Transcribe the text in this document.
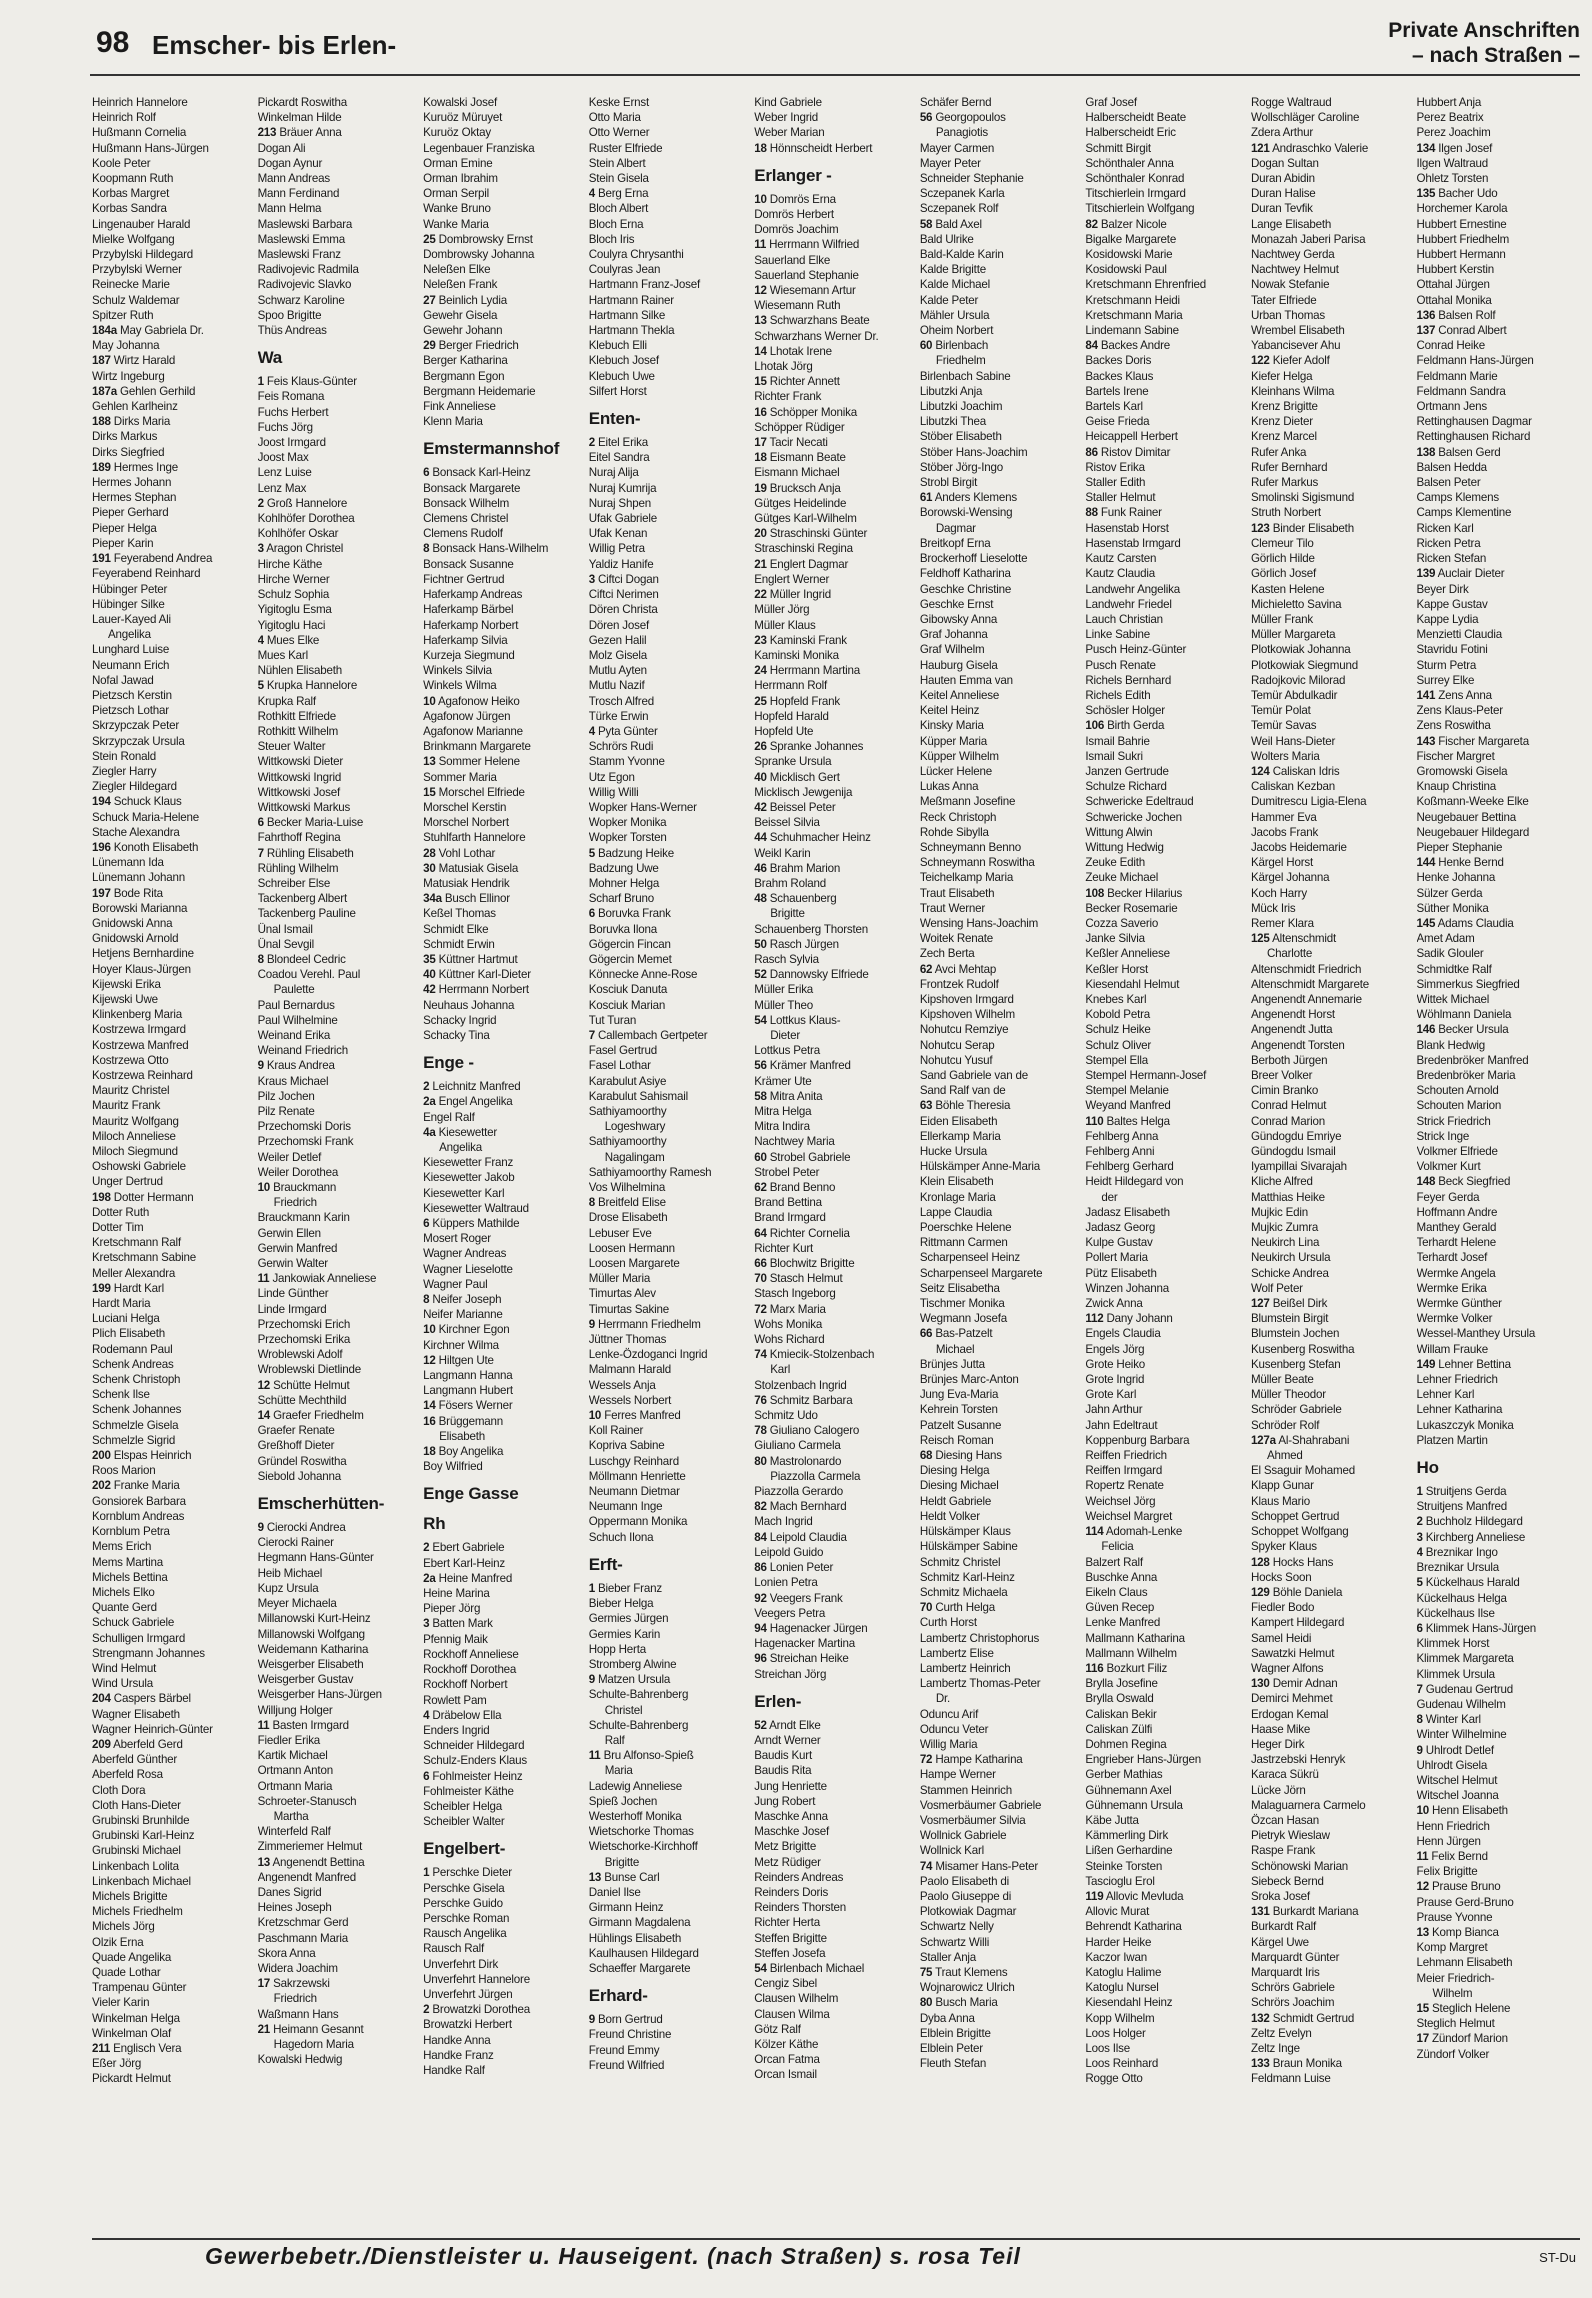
98 Emscher- bis Erlen-	Private Anschriften
– nach Straßen –
Heinrich Hannelore
Heinrich Rolf
Hußmann Cornelia
Hußmann Hans-Jürgen
Koole Peter
Koopmann Ruth
Korbas Margret
Korbas Sandra
Lingenauber Harald
Mielke Wolfgang
Przybylski Hildegard
Przybylski Werner
Reinecke Marie
Schulz Waldemar
Spitzer Ruth
184a May Gabriela Dr.
May Johanna
187 Wirtz Harald
Wirtz Ingeburg
187a Gehlen Gerhild
Gehlen Karlheinz
188 Dirks Maria
Dirks Markus
Dirks Siegfried
189 Hermes Inge
Hermes Johann
Hermes Stephan
Pieper Gerhard
Pieper Helga
Pieper Karin
191 Feyerabend Andrea
Feyerabend Reinhard
Hübinger Peter
Hübinger Silke
Lauer-Kayed Ali
Angelika
Lunghard Luise
Neumann Erich
Nofal Jawad
Pietzsch Kerstin
Pietzsch Lothar
Skrzypczak Peter
Skrzypczak Ursula
Stein Ronald
Ziegler Harry
Ziegler Hildegard
194 Schuck Klaus
Schuck Maria-Helene
Stache Alexandra
196 Konoth Elisabeth
Lünemann Ida
Lünemann Johann
197 Bode Rita
Borowski Marianna
Gnidowski Anna
Gnidowski Arnold
Hetjens Bernhardine
Hoyer Klaus-Jürgen
Kijewski Erika
Kijewski Uwe
Klinkenberg Maria
Kostrzewa Irmgard
Kostrzewa Manfred
Kostrzewa Otto
Kostrzewa Reinhard
Mauritz Christel
Mauritz Frank
Mauritz Wolfgang
Miloch Anneliese
Miloch Siegmund
Oshowski Gabriele
Unger Dertrud
198 Dotter Hermann
Dotter Ruth
Dotter Tim
Kretschmann Ralf
Kretschmann Sabine
Meller Alexandra
199 Hardt Karl
Hardt Maria
Luciani Helga
Plich Elisabeth
Rodemann Paul
Schenk Andreas
Schenk Christoph
Schenk Ilse
Schenk Johannes
Schmelzle Gisela
Schmelzle Sigrid
200 Elspas Heinrich
Roos Marion
202 Franke Maria
Gonsiorek Barbara
Kornblum Andreas
Kornblum Petra
Mems Erich
Mems Martina
Michels Bettina
Michels Elko
Quante Gerd
Schuck Gabriele
Schulligen Irmgard
Strengmann Johannes
Wind Helmut
Wind Ursula
204 Caspers Bärbel
Wagner Elisabeth
Wagner Heinrich-Günter
209 Aberfeld Gerd
Aberfeld Günther
Aberfeld Rosa
Cloth Dora
Cloth Hans-Dieter
Grubinski Brunhilde
Grubinski Karl-Heinz
Grubinski Michael
Linkenbach Lolita
Linkenbach Michael
Michels Brigitte
Michels Friedhelm
Michels Jörg
Olzik Erna
Quade Angelika
Quade Lothar
Trampenau Günter
Vieler Karin
Winkelman Helga
Winkelman Olaf
211 Englisch Vera
Eßer Jörg
Pickardt Helmut
Pickardt Roswitha
Winkelman Hilde
213 Bräuer Anna
Dogan Ali
Dogan Aynur
Mann Andreas
Mann Ferdinand
Mann Helma
Maslewski Barbara
Maslewski Emma
Maslewski Franz
Radivojevic Radmila
Radivojevic Slavko
Schwarz Karoline
Spoo Brigitte
Thüs Andreas
Wa
1 Feis Klaus-Günter
Feis Romana
Fuchs Herbert
Fuchs Jörg
Joost Irmgard
Joost Max
Lenz Luise
Lenz Max
2 Groß Hannelore
Kohlhöfer Dorothea
Kohlhöfer Oskar
3 Aragon Christel
Hirche Käthe
Hirche Werner
Schulz Sophia
Yigitoglu Esma
Yigitoglu Haci
4 Mues Elke
Mues Karl
Nühlen Elisabeth
5 Krupka Hannelore
Krupka Ralf
Rothkitt Elfriede
Rothkitt Wilhelm
Steuer Walter
Wittkowski Dieter
Wittkowski Ingrid
Wittkowski Josef
Wittkowski Markus
6 Becker Maria-Luise
Fahrthoff Regina
7 Rühling Elisabeth
Rühling Wilhelm
Schreiber Else
Tackenberg Albert
Tackenberg Pauline
Ünal Ismail
Ünal Sevgil
8 Blondeel Cedric
Coadou Verehl. Paul
Paulette
Paul Bernardus
Paul Wilhelmine
Weinand Erika
Weinand Friedrich
9 Kraus Andrea
Kraus Michael
Pilz Jochen
Pilz Renate
Przechomski Doris
Przechomski Frank
Weiler Detlef
Weiler Dorothea
10 Brauckmann
Friedrich
Brauckmann Karin
Gerwin Ellen
Gerwin Manfred
Gerwin Walter
11 Jankowiak Anneliese
Linde Günther
Linde Irmgard
Przechomski Erich
Przechomski Erika
Wroblewski Adolf
Wroblewski Dietlinde
12 Schütte Helmut
Schütte Mechthild
14 Graefer Friedhelm
Graefer Renate
Greßhoff Dieter
Gründel Roswitha
Siebold Johanna
Emscherhütten-
9 Cierocki Andrea
Cierocki Rainer
Hegmann Hans-Günter
Heib Michael
Kupz Ursula
Meyer Michaela
Millanowski Kurt-Heinz
Millanowski Wolfgang
Weidemann Katharina
Weisgerber Elisabeth
Weisgerber Gustav
Weisgerber Hans-Jürgen
Willjung Holger
11 Basten Irmgard
Fiedler Erika
Kartik Michael
Ortmann Anton
Ortmann Maria
Schroeter-Stanusch
Martha
Winterfeld Ralf
Zimmeriemer Helmut
13 Angenendt Bettina
Angenendt Manfred
Danes Sigrid
Heines Joseph
Kretzschmar Gerd
Paschmann Maria
Skora Anna
Widera Joachim
17 Sakrzewski
Friedrich
Waßmann Hans
21 Heimann Gesannt
Hagedorn Maria
Kowalski Hedwig
Kowalski Josef
Kuruöz Müruyet
Kuruöz Oktay
Legenbauer Franziska
Orman Emine
Orman Ibrahim
Orman Serpil
Wanke Bruno
Wanke Maria
25 Dombrowsky Ernst
Dombrowsky Johanna
Neleßen Elke
Neleßen Frank
27 Beinlich Lydia
Gewehr Gisela
Gewehr Johann
29 Berger Friedrich
Berger Katharina
Bergmann Egon
Bergmann Heidemarie
Fink Anneliese
Klenn Maria
Emstermannshof
6 Bonsack Karl-Heinz
Bonsack Margarete
Bonsack Wilhelm
Clemens Christel
Clemens Rudolf
8 Bonsack Hans-Wilhelm
Bonsack Susanne
Fichtner Gertrud
Haferkamp Andreas
Haferkamp Bärbel
Haferkamp Norbert
Haferkamp Silvia
Kurzeja Siegmund
Winkels Silvia
Winkels Wilma
10 Agafonow Heiko
Agafonow Jürgen
Agafonow Marianne
Brinkmann Margarete
13 Sommer Helene
Sommer Maria
15 Morschel Elfriede
Morschel Kerstin
Morschel Norbert
Stuhlfarth Hannelore
28 Vohl Lothar
30 Matusiak Gisela
Matusiak Hendrik
34a Busch Ellinor
Keßel Thomas
Schmidt Elke
Schmidt Erwin
35 Küttner Hartmut
40 Küttner Karl-Dieter
42 Herrmann Norbert
Neuhaus Johanna
Schacky Ingrid
Schacky Tina
Enge -
2 Leichnitz Manfred
2a Engel Angelika
Engel Ralf
4a Kiesewetter
Angelika
Kiesewetter Franz
Kiesewetter Jakob
Kiesewetter Karl
Kiesewetter Waltraud
6 Küppers Mathilde
Mosert Roger
Wagner Andreas
Wagner Lieselotte
Wagner Paul
8 Neifer Joseph
Neifer Marianne
10 Kirchner Egon
Kirchner Wilma
12 Hiltgen Ute
Langmann Hanna
Langmann Hubert
14 Fösers Werner
16 Brüggemann
Elisabeth
18 Boy Angelika
Boy Wilfried
Enge Gasse
Rh
2 Ebert Gabriele
Ebert Karl-Heinz
2a Heine Manfred
Heine Marina
Pieper Jörg
3 Batten Mark
Pfennig Maik
Rockhoff Anneliese
Rockhoff Dorothea
Rockhoff Norbert
Rowlett Pam
4 Dräbelow Ella
Enders Ingrid
Schneider Hildegard
Schulz-Enders Klaus
6 Fohlmeister Heinz
Fohlmeister Käthe
Scheibler Helga
Scheibler Walter
Engelbert-
1 Perschke Dieter
Perschke Gisela
Perschke Guido
Perschke Roman
Rausch Angelika
Rausch Ralf
Unverfehrt Dirk
Unverfehrt Hannelore
Unverfehrt Jürgen
2 Browatzki Dorothea
Browatzki Herbert
Handke Anna
Handke Franz
Handke Ralf
Keske Ernst
Otto Maria
Otto Werner
Ruster Elfriede
Stein Albert
Stein Gisela
4 Berg Erna
Bloch Albert
Bloch Erna
Bloch Iris
Coulyra Chrysanthi
Coulyras Jean
Hartmann Franz-Josef
Hartmann Rainer
Hartmann Silke
Hartmann Thekla
Klebuch Elli
Klebuch Josef
Klebuch Uwe
Silfert Horst
Enten-
2 Eitel Erika
Eitel Sandra
Nuraj Alija
Nuraj Kumrija
Nuraj Shpen
Ufak Gabriele
Ufak Kenan
Willig Petra
Yaldiz Hanife
3 Ciftci Dogan
Ciftci Nerimen
Dören Christa
Dören Josef
Gezen Halil
Molz Gisela
Mutlu Ayten
Mutlu Nazif
Trosch Alfred
Türke Erwin
4 Pyta Günter
Schrörs Rudi
Stamm Yvonne
Utz Egon
Willig Willi
Wopker Hans-Werner
Wopker Monika
Wopker Torsten
5 Badzung Heike
Badzung Uwe
Mohner Helga
Scharf Bruno
6 Boruvka Frank
Boruvka Ilona
Gögercin Fincan
Gögercin Memet
Könnecke Anne-Rose
Kosciuk Danuta
Kosciuk Marian
Tut Turan
7 Callembach Gertpeter
Fasel Gertrud
Fasel Lothar
Karabulut Asiye
Karabulut Sahismail
Sathiyamoorthy
Logeshwary
Sathiyamoorthy
Nagalingam
Sathiyamoorthy Ramesh
Vos Wilhelmina
8 Breitfeld Elise
Drose Elisabeth
Lebuser Eve
Loosen Hermann
Loosen Margarete
Müller Maria
Timurtas Alev
Timurtas Sakine
9 Herrmann Friedhelm
Jüttner Thomas
Lenke-Özdoganci Ingrid
Malmann Harald
Wessels Anja
Wessels Norbert
10 Ferres Manfred
Koll Rainer
Kopriva Sabine
Luschgy Reinhard
Möllmann Henriette
Neumann Dietmar
Neumann Inge
Oppermann Monika
Schuch Ilona
Erft-
1 Bieber Franz
Bieber Helga
Germies Jürgen
Germies Karin
Hopp Herta
Stromberg Alwine
9 Matzen Ursula
Schulte-Bahrenberg
Christel
Schulte-Bahrenberg
Ralf
11 Bru Alfonso-Spieß
Maria
Ladewig Anneliese
Spieß Jochen
Westerhoff Monika
Wietschorke Thomas
Wietschorke-Kirchhoff
Brigitte
13 Bunse Carl
Daniel Ilse
Girmann Heinz
Girmann Magdalena
Hühlings Elisabeth
Kaulhausen Hildegard
Schaeffer Margarete
Erhard-
9 Born Gertrud
Freund Christine
Freund Emmy
Freund Wilfried
Kind Gabriele
Weber Ingrid
Weber Marian
18 Hönnscheidt Herbert
Erlanger -
10 Domrös Erna
Domrös Herbert
Domrös Joachim
11 Herrmann Wilfried
Sauerland Elke
Sauerland Stephanie
12 Wiesemann Artur
Wiesemann Ruth
13 Schwarzhans Beate
Schwarzhans Werner Dr.
14 Lhotak Irene
Lhotak Jörg
15 Richter Annett
Richter Frank
16 Schöpper Monika
Schöpper Rüdiger
17 Tacir Necati
18 Eismann Beate
Eismann Michael
19 Brucksch Anja
Gütges Heidelinde
Gütges Karl-Wilhelm
20 Straschinski Günter
Straschinski Regina
21 Englert Dagmar
Englert Werner
22 Müller Ingrid
Müller Jörg
Müller Klaus
23 Kaminski Frank
Kaminski Monika
24 Herrmann Martina
Herrmann Rolf
25 Hopfeld Frank
Hopfeld Harald
Hopfeld Ute
26 Spranke Johannes
Spranke Ursula
40 Micklisch Gert
Micklisch Jewgenija
42 Beissel Peter
Beissel Silvia
44 Schuhmacher Heinz
Weikl Karin
46 Brahm Marion
Brahm Roland
48 Schauenberg
Brigitte
Schauenberg Thorsten
50 Rasch Jürgen
Rasch Sylvia
52 Dannowsky Elfriede
Müller Erika
Müller Theo
54 Lottkus Klaus-
Dieter
Lottkus Petra
56 Krämer Manfred
Krämer Ute
58 Mitra Anita
Mitra Helga
Mitra Indira
Nachtwey Maria
60 Strobel Gabriele
Strobel Peter
62 Brand Benno
Brand Bettina
Brand Irmgard
64 Richter Cornelia
Richter Kurt
66 Blochwitz Brigitte
70 Stasch Helmut
Stasch Ingeborg
72 Marx Maria
Wohs Monika
Wohs Richard
74 Kmiecik-Stolzenbach
Karl
Stolzenbach Ingrid
76 Schmitz Barbara
Schmitz Udo
78 Giuliano Calogero
Giuliano Carmela
80 Mastrolonardo
Piazzolla Carmela
Piazzolla Gerardo
82 Mach Bernhard
Mach Ingrid
84 Leipold Claudia
Leipold Guido
86 Lonien Peter
Lonien Petra
92 Veegers Frank
Veegers Petra
94 Hagenacker Jürgen
Hagenacker Martina
96 Streichan Heike
Streichan Jörg
Erlen-
52 Arndt Elke
Arndt Werner
Baudis Kurt
Baudis Rita
Jung Henriette
Jung Robert
Maschke Anna
Maschke Josef
Metz Brigitte
Metz Rüdiger
Reinders Andreas
Reinders Doris
Reinders Thorsten
Richter Herta
Steffen Brigitte
Steffen Josefa
54 Birlenbach Michael
Cengiz Sibel
Clausen Wilhelm
Clausen Wilma
Götz Ralf
Kölzer Käthe
Orcan Fatma
Orcan Ismail
Schäfer Bernd
56 Georgopoulos
Panagiotis
Mayer Carmen
Mayer Peter
Schneider Stephanie
Sczepanek Karla
Sczepanek Rolf
58 Bald Axel
Bald Ulrike
Bald-Kalde Karin
Kalde Brigitte
Kalde Michael
Kalde Peter
Mähler Ursula
Oheim Norbert
60 Birlenbach
Friedhelm
Birlenbach Sabine
Libutzki Anja
Libutzki Joachim
Libutzki Thea
Stöber Elisabeth
Stöber Hans-Joachim
Stöber Jörg-Ingo
Strobl Birgit
61 Anders Klemens
Borowski-Wensing
Dagmar
Breitkopf Erna
Brockerhoff Lieselotte
Feldhoff Katharina
Geschke Christine
Geschke Ernst
Gibowsky Anna
Graf Johanna
Graf Wilhelm
Hauburg Gisela
Hauten Emma van
Keitel Anneliese
Keitel Heinz
Kinsky Maria
Küpper Maria
Küpper Wilhelm
Lücker Helene
Lukas Anna
Meßmann Josefine
Reck Christoph
Rohde Sibylla
Schneymann Benno
Schneymann Roswitha
Teichelkamp Maria
Traut Elisabeth
Traut Werner
Wensing Hans-Joachim
Woitek Renate
Zech Berta
62 Avci Mehtap
Frontzek Rudolf
Kipshoven Irmgard
Kipshoven Wilhelm
Nohutcu Remziye
Nohutcu Serap
Nohutcu Yusuf
Sand Gabriele van de
Sand Ralf van de
63 Böhle Theresia
Eiden Elisabeth
Ellerkamp Maria
Hucke Ursula
Hülskämper Anne-Maria
Klein Elisabeth
Kronlage Maria
Lappe Claudia
Poerschke Helene
Rittmann Carmen
Scharpenseel Heinz
Scharpenseel Margarete
Seitz Elisabetha
Tischmer Monika
Wegmann Josefa
66 Bas-Patzelt
Michael
Brünjes Jutta
Brünjes Marc-Anton
Jung Eva-Maria
Kehrein Torsten
Patzelt Susanne
Reisch Roman
68 Diesing Hans
Diesing Helga
Diesing Michael
Heldt Gabriele
Heldt Volker
Hülskämper Klaus
Hülskämper Sabine
Schmitz Christel
Schmitz Karl-Heinz
Schmitz Michaela
70 Curth Helga
Curth Horst
Lambertz Christophorus
Lambertz Elise
Lambertz Heinrich
Lambertz Thomas-Peter
Dr.
Oduncu Arif
Oduncu Veter
Willig Maria
72 Hampe Katharina
Hampe Werner
Stammen Heinrich
Vosmerbäumer Gabriele
Vosmerbäumer Silvia
Wollnick Gabriele
Wollnick Karl
74 Misamer Hans-Peter
Paolo Elisabeth di
Paolo Giuseppe di
Plotkowiak Dagmar
Schwartz Nelly
Schwartz Willi
Staller Anja
75 Traut Klemens
Wojnarowicz Ulrich
80 Busch Maria
Dyba Anna
Elblein Brigitte
Elblein Peter
Fleuth Stefan
Graf Josef
Halberscheidt Beate
Halberscheidt Eric
Schmitt Birgit
Schönthaler Anna
Schönthaler Konrad
Titschierlein Irmgard
Titschierlein Wolfgang
82 Balzer Nicole
Bigalke Margarete
Kosidowski Marie
Kosidowski Paul
Kretschmann Ehrenfried
Kretschmann Heidi
Kretschmann Maria
Lindemann Sabine
84 Backes Andre
Backes Doris
Backes Klaus
Bartels Irene
Bartels Karl
Geise Frieda
Heicappell Herbert
86 Ristov Dimitar
Ristov Erika
Staller Edith
Staller Helmut
88 Funk Rainer
Hasenstab Horst
Hasenstab Irmgard
Kautz Carsten
Kautz Claudia
Landwehr Angelika
Landwehr Friedel
Lauch Christian
Linke Sabine
Pusch Heinz-Günter
Pusch Renate
Richels Bernhard
Richels Edith
Schösler Holger
106 Birth Gerda
Ismail Bahrie
Ismail Sukri
Janzen Gertrude
Schulze Richard
Schwericke Edeltraud
Schwericke Jochen
Wittung Alwin
Wittung Hedwig
Zeuke Edith
Zeuke Michael
108 Becker Hilarius
Becker Rosemarie
Cozza Saverio
Janke Silvia
Keßler Anneliese
Keßler Horst
Kiesendahl Helmut
Knebes Karl
Kobold Petra
Schulz Heike
Schulz Oliver
Stempel Ella
Stempel Hermann-Josef
Stempel Melanie
Weyand Manfred
110 Baltes Helga
Fehlberg Anna
Fehlberg Anni
Fehlberg Gerhard
Heidt Hildegard von
der
Jadasz Elisabeth
Jadasz Georg
Kulpe Gustav
Pollert Maria
Pütz Elisabeth
Winzen Johanna
Zwick Anna
112 Dany Johann
Engels Claudia
Engels Jörg
Grote Heiko
Grote Ingrid
Grote Karl
Jahn Arthur
Jahn Edeltraut
Koppenburg Barbara
Reiffen Friedrich
Reiffen Irmgard
Ropertz Renate
Weichsel Jörg
Weichsel Margret
114 Adomah-Lenke
Felicia
Balzert Ralf
Buschke Anna
Eikeln Claus
Güven Recep
Lenke Manfred
Mallmann Katharina
Mallmann Wilhelm
116 Bozkurt Filiz
Brylla Josefine
Brylla Oswald
Caliskan Bekir
Caliskan Zülfi
Dohmen Regina
Engrieber Hans-Jürgen
Gerber Mathias
Gühnemann Axel
Gühnemann Ursula
Käbe Jutta
Kämmerling Dirk
Lißen Gerhardine
Steinke Torsten
Tascioglu Erol
119 Allovic Mevluda
Allovic Murat
Behrendt Katharina
Harder Heike
Kaczor Iwan
Katoglu Halime
Katoglu Nursel
Kiesendahl Heinz
Kopp Wilhelm
Loos Holger
Loos Ilse
Loos Reinhard
Rogge Otto
Rogge Waltraud
Wollschläger Caroline
Zdera Arthur
121 Andraschko Valerie
Dogan Sultan
Duran Abidin
Duran Halise
Duran Tevfik
Lange Elisabeth
Monazah Jaberi Parisa
Nachtwey Gerda
Nachtwey Helmut
Nowak Stefanie
Tater Elfriede
Urban Thomas
Wrembel Elisabeth
Yabancisever Ahu
122 Kiefer Adolf
Kiefer Helga
Kleinhans Wilma
Krenz Brigitte
Krenz Dieter
Krenz Marcel
Rufer Anka
Rufer Bernhard
Rufer Markus
Smolinski Sigismund
Struth Norbert
123 Binder Elisabeth
Clemeur Tilo
Görlich Hilde
Görlich Josef
Kasten Helene
Michieletto Savina
Müller Frank
Müller Margareta
Plotkowiak Johanna
Plotkowiak Siegmund
Radojkovic Milorad
Temür Abdulkadir
Temür Polat
Temür Savas
Weil Hans-Dieter
Wolters Maria
124 Caliskan Idris
Caliskan Kezban
Dumitrescu Ligia-Elena
Hammer Eva
Jacobs Frank
Jacobs Heidemarie
Kärgel Horst
Kärgel Johanna
Koch Harry
Mück Iris
Remer Klara
125 Altenschmidt
Charlotte
Altenschmidt Friedrich
Altenschmidt Margarete
Angenendt Annemarie
Angenendt Horst
Angenendt Jutta
Angenendt Torsten
Berboth Jürgen
Breer Volker
Cimin Branko
Conrad Helmut
Conrad Marion
Gündogdu Emriye
Gündogdu Ismail
Iyampillai Sivarajah
Kliche Alfred
Matthias Heike
Mujkic Edin
Mujkic Zumra
Neukirch Lina
Neukirch Ursula
Schicke Andrea
Wolf Peter
127 Beißel Dirk
Blumstein Birgit
Blumstein Jochen
Kusenberg Roswitha
Kusenberg Stefan
Müller Beate
Müller Theodor
Schröder Gabriele
Schröder Rolf
127a Al-Shahrabani
Ahmed
El Ssaguir Mohamed
Klapp Gunar
Klaus Mario
Schoppet Gertrud
Schoppet Wolfgang
Spyker Klaus
128 Hocks Hans
Hocks Soon
129 Böhle Daniela
Fiedler Bodo
Kampert Hildegard
Samel Heidi
Sawatzki Helmut
Wagner Alfons
130 Demir Adnan
Demirci Mehmet
Erdogan Kemal
Haase Mike
Heger Dirk
Jastrzebski Henryk
Karaca Sükrü
Lücke Jörn
Malaguarnera Carmelo
Özcan Hasan
Pietryk Wieslaw
Raspe Frank
Schönowski Marian
Siebeck Bernd
Sroka Josef
131 Burkardt Mariana
Burkardt Ralf
Kärgel Uwe
Marquardt Günter
Marquardt Iris
Schrörs Gabriele
Schrörs Joachim
132 Schmidt Gertrud
Zeltz Evelyn
Zeltz Inge
133 Braun Monika
Feldmann Luise
Hubbert Anja
Perez Beatrix
Perez Joachim
134 Ilgen Josef
Ilgen Waltraud
Ohletz Torsten
135 Bacher Udo
Horchemer Karola
Hubbert Ernestine
Hubbert Friedhelm
Hubbert Hermann
Hubbert Kerstin
Ottahal Jürgen
Ottahal Monika
136 Balsen Rolf
137 Conrad Albert
Conrad Heike
Feldmann Hans-Jürgen
Feldmann Marie
Feldmann Sandra
Ortmann Jens
Rettinghausen Dagmar
Rettinghausen Richard
138 Balsen Gerd
Balsen Hedda
Balsen Peter
Camps Klemens
Camps Klementine
Ricken Karl
Ricken Petra
Ricken Stefan
139 Auclair Dieter
Beyer Dirk
Kappe Gustav
Kappe Lydia
Menzietti Claudia
Stavridu Fotini
Sturm Petra
Surrey Elke
141 Zens Anna
Zens Klaus-Peter
Zens Roswitha
143 Fischer Margareta
Fischer Margret
Gromowski Gisela
Knaup Christina
Koßmann-Weeke Elke
Neugebauer Bettina
Neugebauer Hildegard
Pieper Stephanie
144 Henke Bernd
Henke Johanna
Sülzer Gerda
Süther Monika
145 Adams Claudia
Amet Adam
Sadik Glouler
Schmidtke Ralf
Simmerkus Siegfried
Wittek Michael
Wöhlmann Daniela
146 Becker Ursula
Blank Hedwig
Bredenbröker Manfred
Bredenbröker Maria
Schouten Arnold
Schouten Marion
Strick Friedrich
Strick Inge
Volkmer Elfriede
Volkmer Kurt
148 Beck Siegfried
Feyer Gerda
Hoffmann Andre
Manthey Gerald
Terhardt Helene
Terhardt Josef
Wermke Angela
Wermke Erika
Wermke Günther
Wermke Volker
Wessel-Manthey Ursula
Willam Frauke
149 Lehner Bettina
Lehner Friedrich
Lehner Karl
Lehner Katharina
Lukaszczyk Monika
Platzen Martin
Ho
1 Struitjens Gerda
Struitjens Manfred
2 Buchholz Hildegard
3 Kirchberg Anneliese
4 Breznikar Ingo
Breznikar Ursula
5 Kückelhaus Harald
Kückelhaus Helga
Kückelhaus Ilse
6 Klimmek Hans-Jürgen
Klimmek Horst
Klimmek Margareta
Klimmek Ursula
7 Gudenau Gertrud
Gudenau Wilhelm
8 Winter Karl
Winter Wilhelmine
9 Uhlrodt Detlef
Uhlrodt Gisela
Witschel Helmut
Witschel Joanna
10 Henn Elisabeth
Henn Friedrich
Henn Jürgen
11 Felix Bernd
Felix Brigitte
12 Prause Bruno
Prause Gerd-Bruno
Prause Yvonne
13 Komp Bianca
Komp Margret
Lehmann Elisabeth
Meier Friedrich-
Wilhelm
15 Steglich Helene
Steglich Helmut
17 Zündorf Marion
Zündorf Volker
Gewerbebetr./Dienstleister u. Hauseigent. (nach Straßen) s. rosa Teil	ST-Du
